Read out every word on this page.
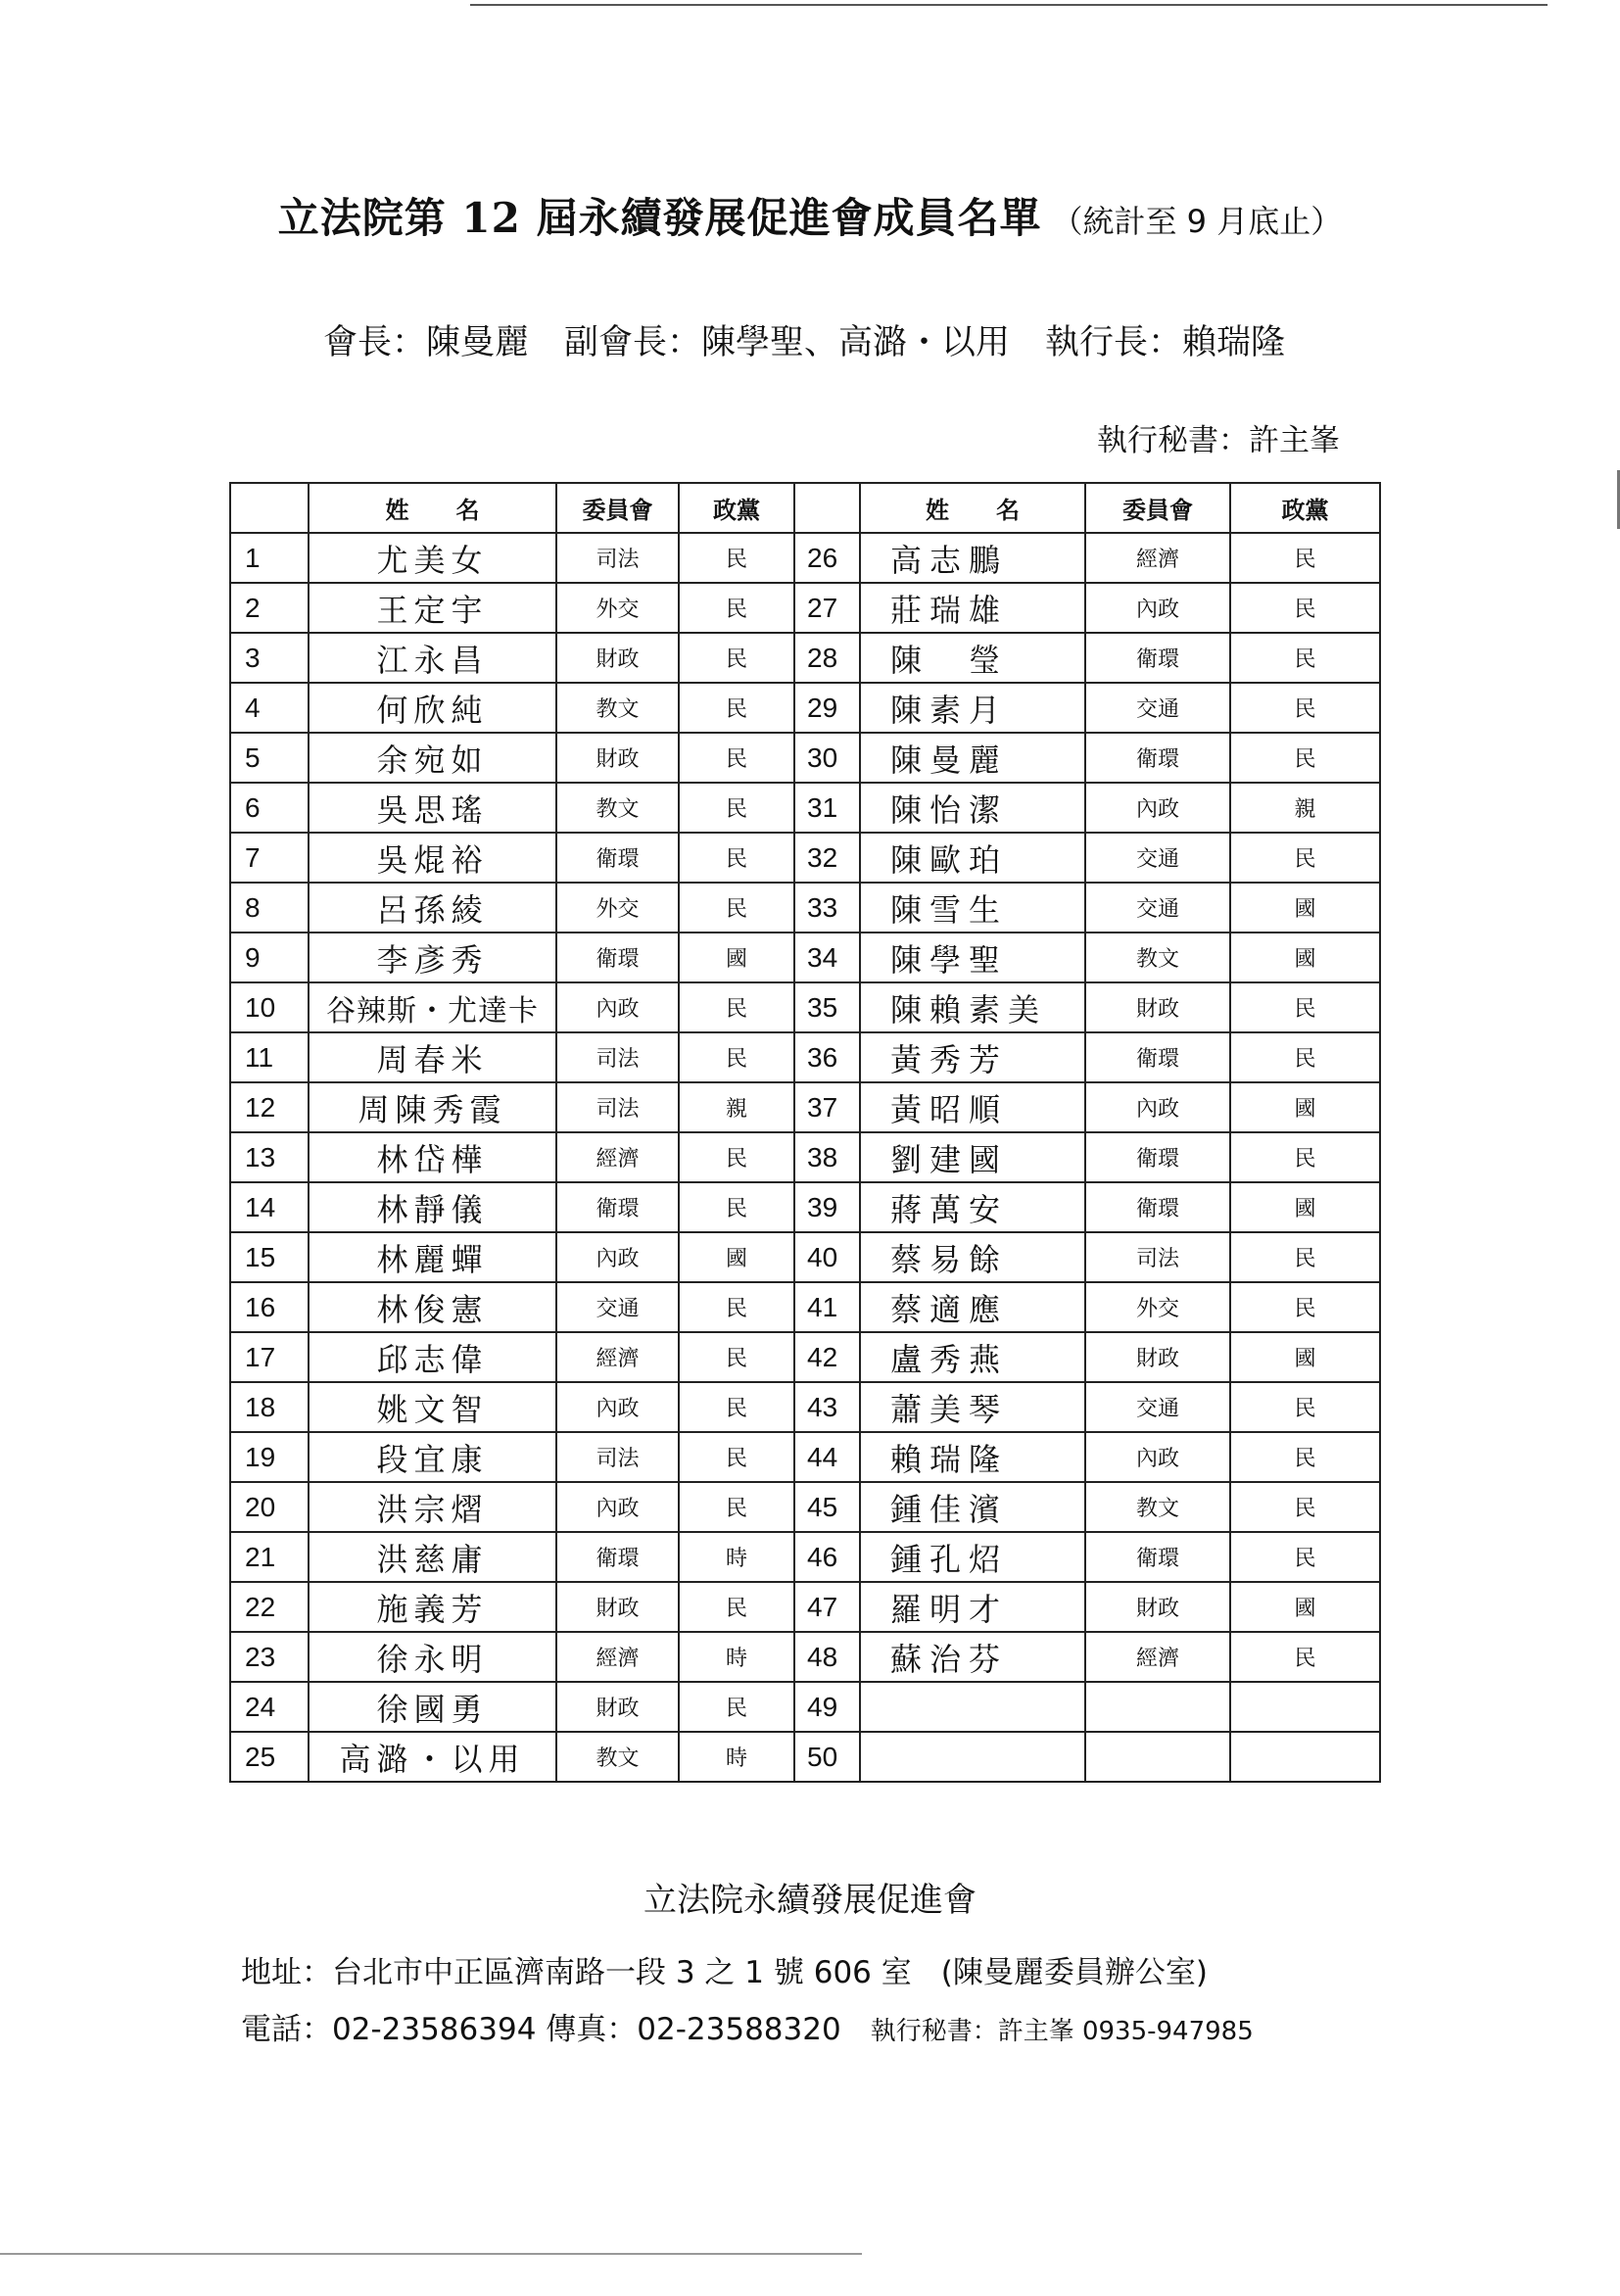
立法院第 12 屆永續發展促進會成員名單 （統計至 9 月底止）
會長：陳曼麗 副會長：陳學聖、高潞・以用 執行長：賴瑞隆
執行秘書：許主峯
	姓　　名	委員會	政黨		姓　　名	委員會	政黨
1	尤美女	司法	民	26	高志鵬	經濟	民
2	王定宇	外交	民	27	莊瑞雄	內政	民
3	江永昌	財政	民	28	陳　瑩	衛環	民
4	何欣純	教文	民	29	陳素月	交通	民
5	余宛如	財政	民	30	陳曼麗	衛環	民
6	吳思瑤	教文	民	31	陳怡潔	內政	親
7	吳焜裕	衛環	民	32	陳歐珀	交通	民
8	呂孫綾	外交	民	33	陳雪生	交通	國
9	李彥秀	衛環	國	34	陳學聖	教文	國
10	谷辣斯・尤達卡	內政	民	35	陳賴素美	財政	民
11	周春米	司法	民	36	黃秀芳	衛環	民
12	周陳秀霞	司法	親	37	黃昭順	內政	國
13	林岱樺	經濟	民	38	劉建國	衛環	民
14	林靜儀	衛環	民	39	蔣萬安	衛環	國
15	林麗蟬	內政	國	40	蔡易餘	司法	民
16	林俊憲	交通	民	41	蔡適應	外交	民
17	邱志偉	經濟	民	42	盧秀燕	財政	國
18	姚文智	內政	民	43	蕭美琴	交通	民
19	段宜康	司法	民	44	賴瑞隆	內政	民
20	洪宗熠	內政	民	45	鍾佳濱	教文	民
21	洪慈庸	衛環	時	46	鍾孔炤	衛環	民
22	施義芳	財政	民	47	羅明才	財政	國
23	徐永明	經濟	時	48	蘇治芬	經濟	民
24	徐國勇	財政	民	49			
25	高潞・以用	教文	時	50			
立法院永續發展促進會
地址：台北市中正區濟南路一段 3 之 1 號 606 室 (陳曼麗委員辦公室)
電話：02-23586394 傳真：02-23588320 執行秘書：許主峯 0935-947985
